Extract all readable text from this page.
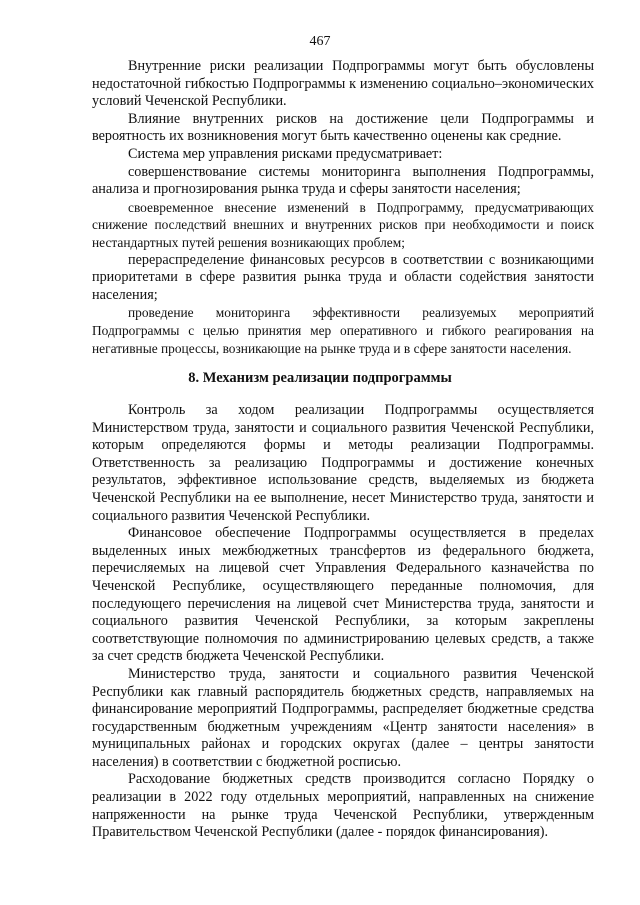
467

Внутренние риски реализации Подпрограммы могут быть обусловлены недостаточной гибкостью Подпрограммы к изменению социально–экономических условий Чеченской Республики.

Влияние внутренних рисков на достижение цели Подпрограммы и вероятность их возникновения могут быть качественно оценены как средние.

Система мер управления рисками предусматривает:

совершенствование системы мониторинга выполнения Подпрограммы, анализа и прогнозирования рынка труда и сферы занятости населения;

своевременное внесение изменений в Подпрограмму, предусматривающих снижение последствий внешних и внутренних рисков при необходимости и поиск нестандартных путей решения возникающих проблем;

перераспределение финансовых ресурсов в соответствии с возникающими приоритетами в сфере развития рынка труда и области содействия занятости населения;

проведение мониторинга эффективности реализуемых мероприятий Подпрограммы с целью принятия мер оперативного и гибкого реагирования на негативные процессы, возникающие на рынке труда и в сфере занятости населения.

8. Механизм реализации подпрограммы

Контроль за ходом реализации Подпрограммы осуществляется Министерством труда, занятости и социального развития Чеченской Республики, которым определяются формы и методы реализации Подпрограммы. Ответственность за реализацию Подпрограммы и достижение конечных результатов, эффективное использование средств, выделяемых из бюджета Чеченской Республики на ее выполнение, несет Министерство труда, занятости и социального развития Чеченской Республики.

Финансовое обеспечение Подпрограммы осуществляется в пределах выделенных иных межбюджетных трансфертов из федерального бюджета, перечисляемых на лицевой счет Управления Федерального казначейства по Чеченской Республике, осуществляющего переданные полномочия, для последующего перечисления на лицевой счет Министерства труда, занятости и социального развития Чеченской Республики, за которым закреплены соответствующие полномочия по администрированию целевых средств, а также за счет средств бюджета Чеченской Республики.

Министерство труда, занятости и социального развития Чеченской Республики как главный распорядитель бюджетных средств, направляемых на финансирование мероприятий Подпрограммы, распределяет бюджетные средства государственным бюджетным учреждениям «Центр занятости населения» в муниципальных районах и городских округах (далее – центры занятости населения) в соответствии с бюджетной росписью.

Расходование бюджетных средств производится согласно Порядку о реализации в 2022 году отдельных мероприятий, направленных на снижение напряженности на рынке труда Чеченской Республики, утвержденным Правительством Чеченской Республики (далее - порядок финансирования).
